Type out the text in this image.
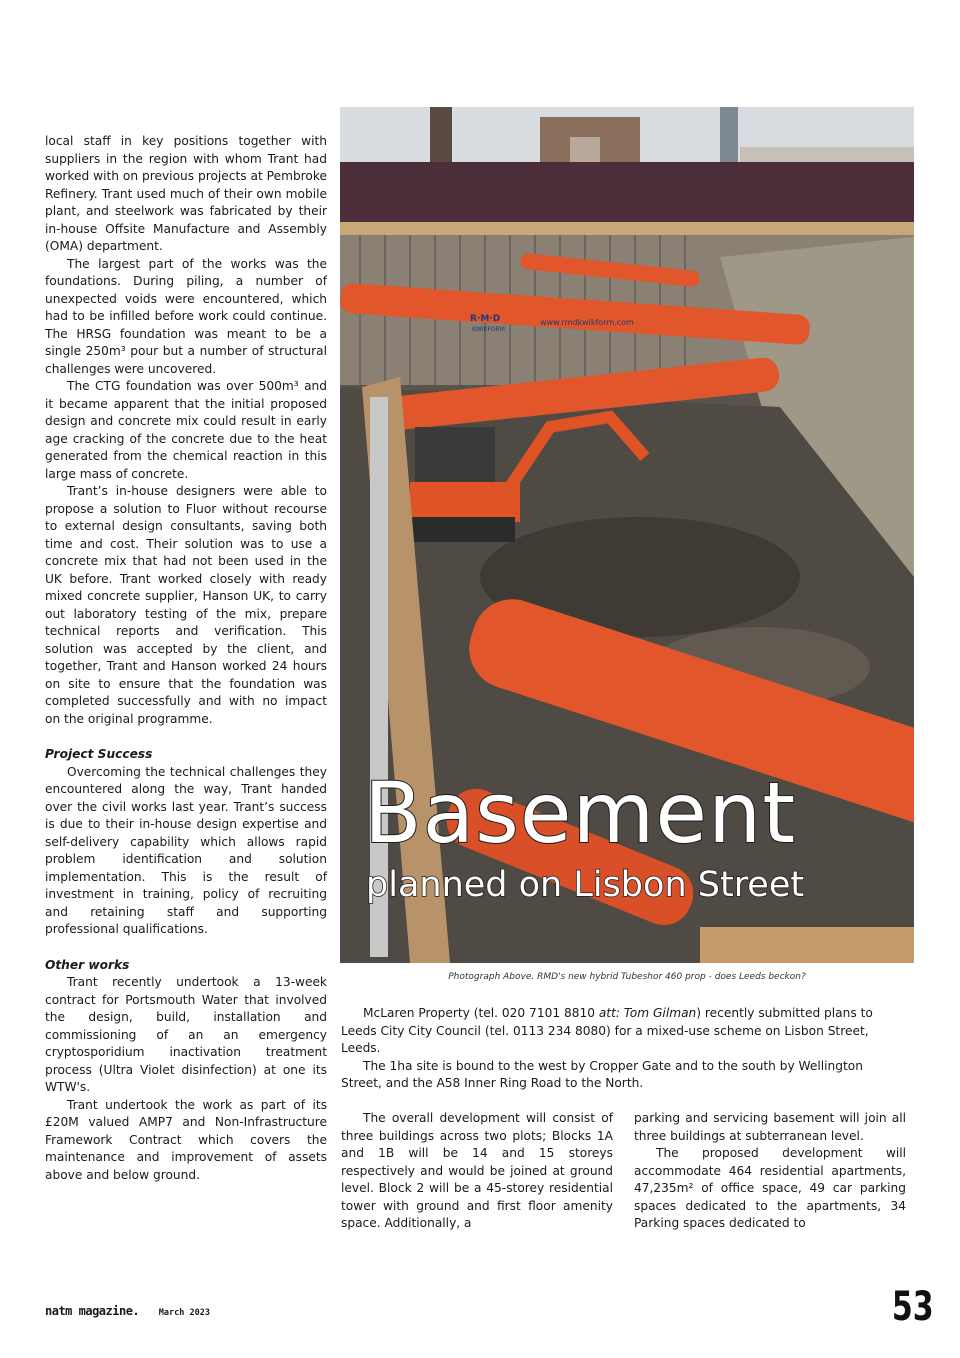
local staff in key positions together with suppliers in the region with whom Trant had worked with on previous projects at Pembroke Refinery. Trant used much of their own mobile plant, and steelwork was fabricated by their in-house Offsite Manufacture and Assembly (OMA) department.

The largest part of the works was the foundations. During piling, a number of unexpected voids were encountered, which had to be infilled before work could continue. The HRSG foundation was meant to be a single 250m³ pour but a number of structural challenges were uncovered.

The CTG foundation was over 500m³ and it became apparent that the initial proposed design and concrete mix could result in early age cracking of the concrete due to the heat generated from the chemical reaction in this large mass of concrete.

Trant’s in-house designers were able to propose a solution to Fluor without recourse to external design consultants, saving both time and cost. Their solution was to use a concrete mix that had not been used in the UK before. Trant worked closely with ready mixed concrete supplier, Hanson UK, to carry out laboratory testing of the mix, prepare technical reports and verification. This solution was accepted by the client, and together, Trant and Hanson worked 24 hours on site to ensure that the foundation was completed successfully and with no impact on the original programme.

Project Success

Overcoming the technical challenges they encountered along the way, Trant handed over the civil works last year. Trant’s success is due to their in-house design expertise and self-delivery capability which allows rapid problem identification and solution implementation. This is the result of investment in training, policy of recruiting and retaining staff and supporting professional qualifications.

Other works

Trant recently undertook a 13-week contract for Portsmouth Water that involved the design, build, installation and commissioning of an an emergency cryptosporidium inactivation treatment process (Ultra Violet disinfection) at one its WTW's.

Trant undertook the work as part of its £20M valued AMP7 and Non-Infrastructure Framework Contract which covers the maintenance and improvement of assets above and below ground.

R·M·D
KWIKFORM
www.rmdkwikform.com
Basement
planned on Lisbon Street
Photograph Above. RMD's new hybrid Tubeshor 460 prop - does Leeds beckon?

McLaren Property (tel. 020 7101 8810 att: Tom Gilman) recently submitted plans to Leeds City City Council (tel. 0113 234 8080) for a mixed-use scheme on Lisbon Street, Leeds.

The 1ha site is bound to the west by Cropper Gate and to the south by Wellington Street, and the A58 Inner Ring Road to the North.

The overall development will consist of three buildings across two plots; Blocks 1A and 1B will be 14 and 15 storeys respectively and would be joined at ground level. Block 2 will be a 45-storey residential tower with ground and first floor amenity space. Additionally, a

parking and servicing basement will join all three buildings at subterranean level.

The proposed development will accommodate 464 residential apartments, 47,235m² of office space, 49 car parking spaces dedicated to the apartments, 34 Parking spaces dedicated to

natm magazine. March 2023	53
